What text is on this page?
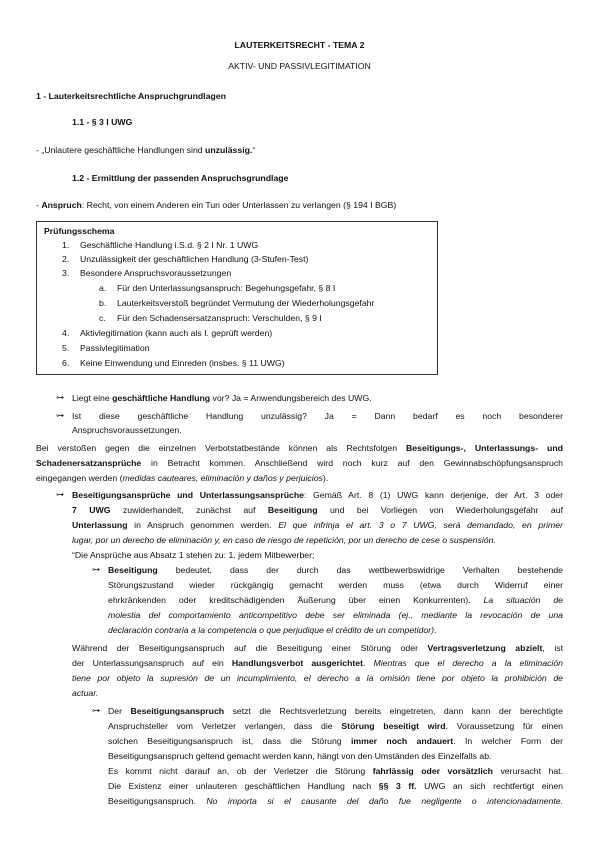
LAUTERKEITSRECHT - TEMA 2
AKTIV- UND PASSIVLEGITIMATION
1 - Lauterkeitsrechtliche Anspruchgrundlagen
1.1 - § 3 I UWG
- „Unlautere geschäftliche Handlungen sind unzulässig.“
1.2 - Ermittlung der passenden Anspruchsgrundlage
- Anspruch: Recht, von einem Anderen ein Tun oder Unterlassen zu verlangen (§ 194 I BGB)
Prüfungsschema
1. Geschäftliche Handlung i.S.d. § 2 I Nr. 1 UWG
2. Unzulässigkeit der geschäftlichen Handlung (3-Stufen-Test)
3. Besondere Anspruchsvoraussetzungen
a. Für den Unterlassungsanspruch: Begehungsgefahr, § 8 I
b. Lauterkeitsverstoß begründet Vermutung der Wiederholungsgefahr
c. Für den Schadensersatzanspruch: Verschulden, § 9 I
4. Aktivlegitimation (kann auch als I. geprüft werden)
5. Passivlegitimation
6. Keine Einwendung und Einreden (insbes. § 11 UWG)
⊶ Liegt eine geschäftliche Handlung vor? Ja = Anwendungsbereich des UWG.
⊶ Ist diese geschäftliche Handlung unzulässig? Ja = Dann bedarf es noch besonderer
Anspruchsvoraussetzungen.
Bei verstoßen gegen die einzelnen Verbotstatbestände können als Rechtsfolgen Beseitigungs-, Unterlassungs- und
Schadenersatzansprüche in Betracht kommen. Anschließend wird noch kurz auf den Gewinnabschöpfungsanspruch
eingegangen werden (medidas cauteares, eliminación y daños y perjuicios).
⊶ Beseitigungsansprüche und Unterlassungsansprüche: Gemäß Art. 8 (1) UWG kann derjenige, der Art. 3 oder
7 UWG zuwiderhandelt, zunächst auf Beseitigung und bei Vorliegen von Wiederholungsgefahr auf
Unterlassung in Anspruch genommen werden. El que infrinja el art. 3 o 7 UWG, será demandado, en primer
lugar, por un derecho de eliminación y, en caso de riesgo de repetición, por un derecho de cese o suspensión.
“Die Ansprüche aus Absatz 1 stehen zu: 1. jedem Mitbewerber;
⊶ Beseitigung bedeutet, dass der durch das wettbewerbswidrige Verhalten bestehende
Störungszustand wieder rückgängig gemacht werden muss (etwa durch Widerruf einer
ehrkränkenden oder kreditschädigenden Äußerung über einen Konkurrenten). La situación de
molestia del comportamiento anticompetitivo debe ser eliminada (ej., mediante la revocación de una
declaración contraria a la competencia o que perjudique el crédito de un competidor).
Während der Beseitigungsanspruch auf die Beseitigung einer Störung oder Vertragsverletzung abzielt, ist
der Unterlassungsanspruch auf ein Handlungsverbot ausgerichtet. Mientras que el derecho a la eliminación
tiene por objeto la supresión de un incumplimiento, el derecho a la omisión tiene por objeto la prohibición de
actuar.
⊶ Der Beseitigungsanspruch setzt die Rechtsverletzung bereits eingetreten, dann kann der berechtigte
Anspruchsteller vom Verletzer verlangen, dass die Störung beseitigt wird. Voraussetzung für einen
solchen Beseitigungsanspruch ist, dass die Störung immer noch andauert. In welcher Form der
Beseitigungsanspruch geltend gemacht werden kann, hängt von den Umständen des Einzelfalls ab.
Es kommt nicht darauf an, ob der Verletzer die Störung fahrlässig oder vorsätzlich verursacht hat.
Die Existenz einer unlauteren geschäftlichen Handlung nach §§ 3 ff. UWG an sich rechtfertigt einen
Beseitigungsanspruch. No importa si el causante del daño fue negligente o intencionadamente.
